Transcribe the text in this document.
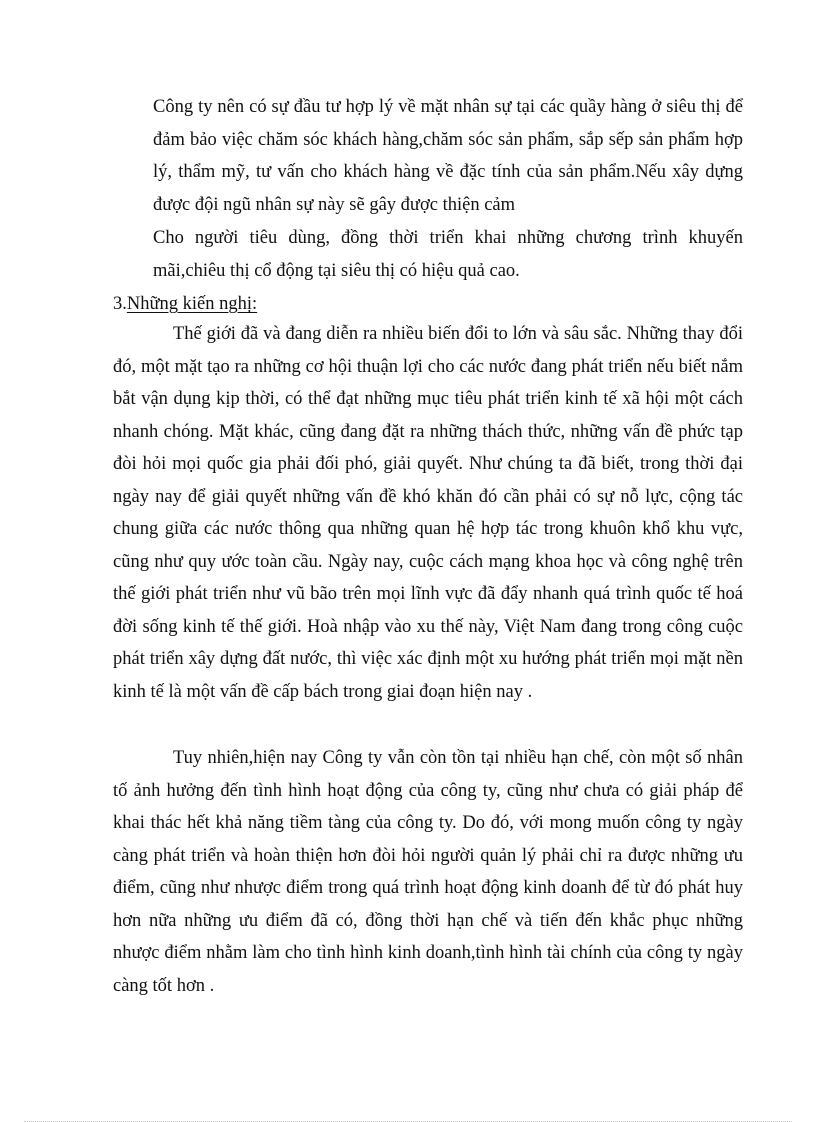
Công ty nên có sự đầu tư hợp lý về mặt nhân sự tại các quầy hàng ở siêu thị để đảm bảo việc chăm sóc khách hàng,chăm sóc sản phẩm, sắp sếp sản phẩm hợp lý, thẩm mỹ, tư vấn cho khách hàng về đặc tính của sản phẩm.Nếu xây dựng được đội ngũ nhân sự này sẽ gây được thiện cảm

Cho người tiêu dùng, đồng thời triển khai những chương trình khuyến mãi,chiêu thị cổ động tại siêu thị có hiệu quả cao.

3.Những kiến nghị:

Thế giới đã và đang diễn ra nhiều biến đổi to lớn và sâu sắc. Những thay đổi đó, một mặt tạo ra những cơ hội thuận lợi cho các nước đang phát triển nếu biết nắm bắt vận dụng kịp thời, có thể đạt những mục tiêu phát triển kinh tế xã hội một cách nhanh chóng. Mặt khác, cũng đang đặt ra những thách thức, những vấn đề phức tạp đòi hỏi mọi quốc gia phải đối phó, giải quyết. Như chúng ta đã biết, trong thời đại ngày nay để giải quyết những vấn đề khó khăn đó cần phải có sự nỗ lực, cộng tác chung giữa các nước thông qua những quan hệ hợp tác trong khuôn khổ khu vực, cũng như quy ước toàn cầu. Ngày nay, cuộc cách mạng khoa học và công nghệ trên thế giới phát triển như vũ bão trên mọi lĩnh vực đã đẩy nhanh quá trình quốc tế hoá đời sống kinh tế thế giới. Hoà nhập vào xu thế này, Việt Nam đang trong công cuộc phát triển xây dựng đất nước, thì việc xác định một xu hướng phát triển mọi mặt nền kinh tế là một vấn đề cấp bách trong giai đoạn hiện nay .

Tuy nhiên,hiện nay Công ty vẫn còn tồn tại nhiều hạn chế, còn một số nhân tố ảnh hưởng đến tình hình hoạt động của công ty, cũng như chưa có giải pháp để khai thác hết khả năng tiềm tàng của công ty. Do đó, với mong muốn công ty ngày càng phát triển và hoàn thiện hơn đòi hỏi người quản lý phải chỉ ra được những ưu điểm, cũng như nhược điểm trong quá trình hoạt động kinh doanh để từ đó phát huy hơn nữa những ưu điểm đã có, đồng thời hạn chế và tiến đến khắc phục những nhược điểm nhằm làm cho tình hình kinh doanh,tình hình tài chính của công ty ngày càng tốt hơn .
